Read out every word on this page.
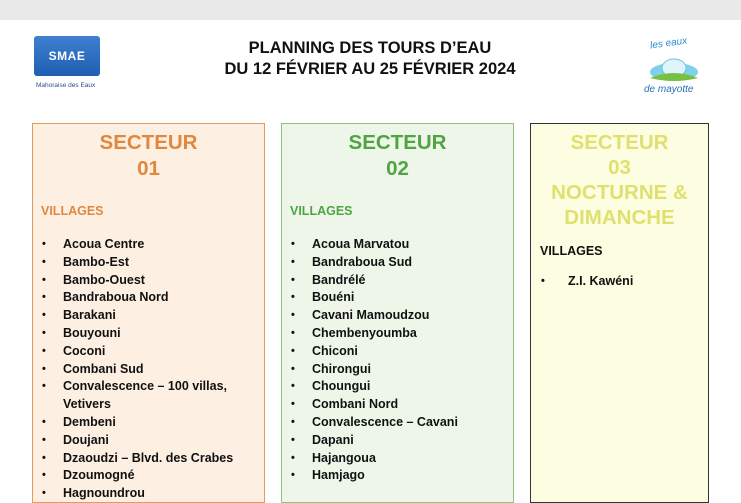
SMAE
Mahoraise des Eaux
les eaux
de mayotte
PLANNING DES TOURS D’EAU
DU 12 FÉVRIER AU 25 FÉVRIER 2024
SECTEUR
01
VILLAGES
• Acoua Centre
• Bambo-Est
• Bambo-Ouest
• Bandraboua Nord
• Barakani
• Bouyouni
• Coconi
• Combani Sud
• Convalescence – 100 villas, Vetivers
• Dembeni
• Doujani
• Dzaoudzi – Blvd. des Crabes
• Dzoumogné
• Hagnoundrou
SECTEUR
02
VILLAGES
• Acoua Marvatou
• Bandraboua Sud
• Bandrélé
• Bouéni
• Cavani Mamoudzou
• Chembenyoumba
• Chiconi
• Chirongui
• Choungui
• Combani Nord
• Convalescence – Cavani
• Dapani
• Hajangoua
• Hamjago
SECTEUR
03
NOCTURNE &
DIMANCHE
VILLAGES
• Z.I. Kawéni
